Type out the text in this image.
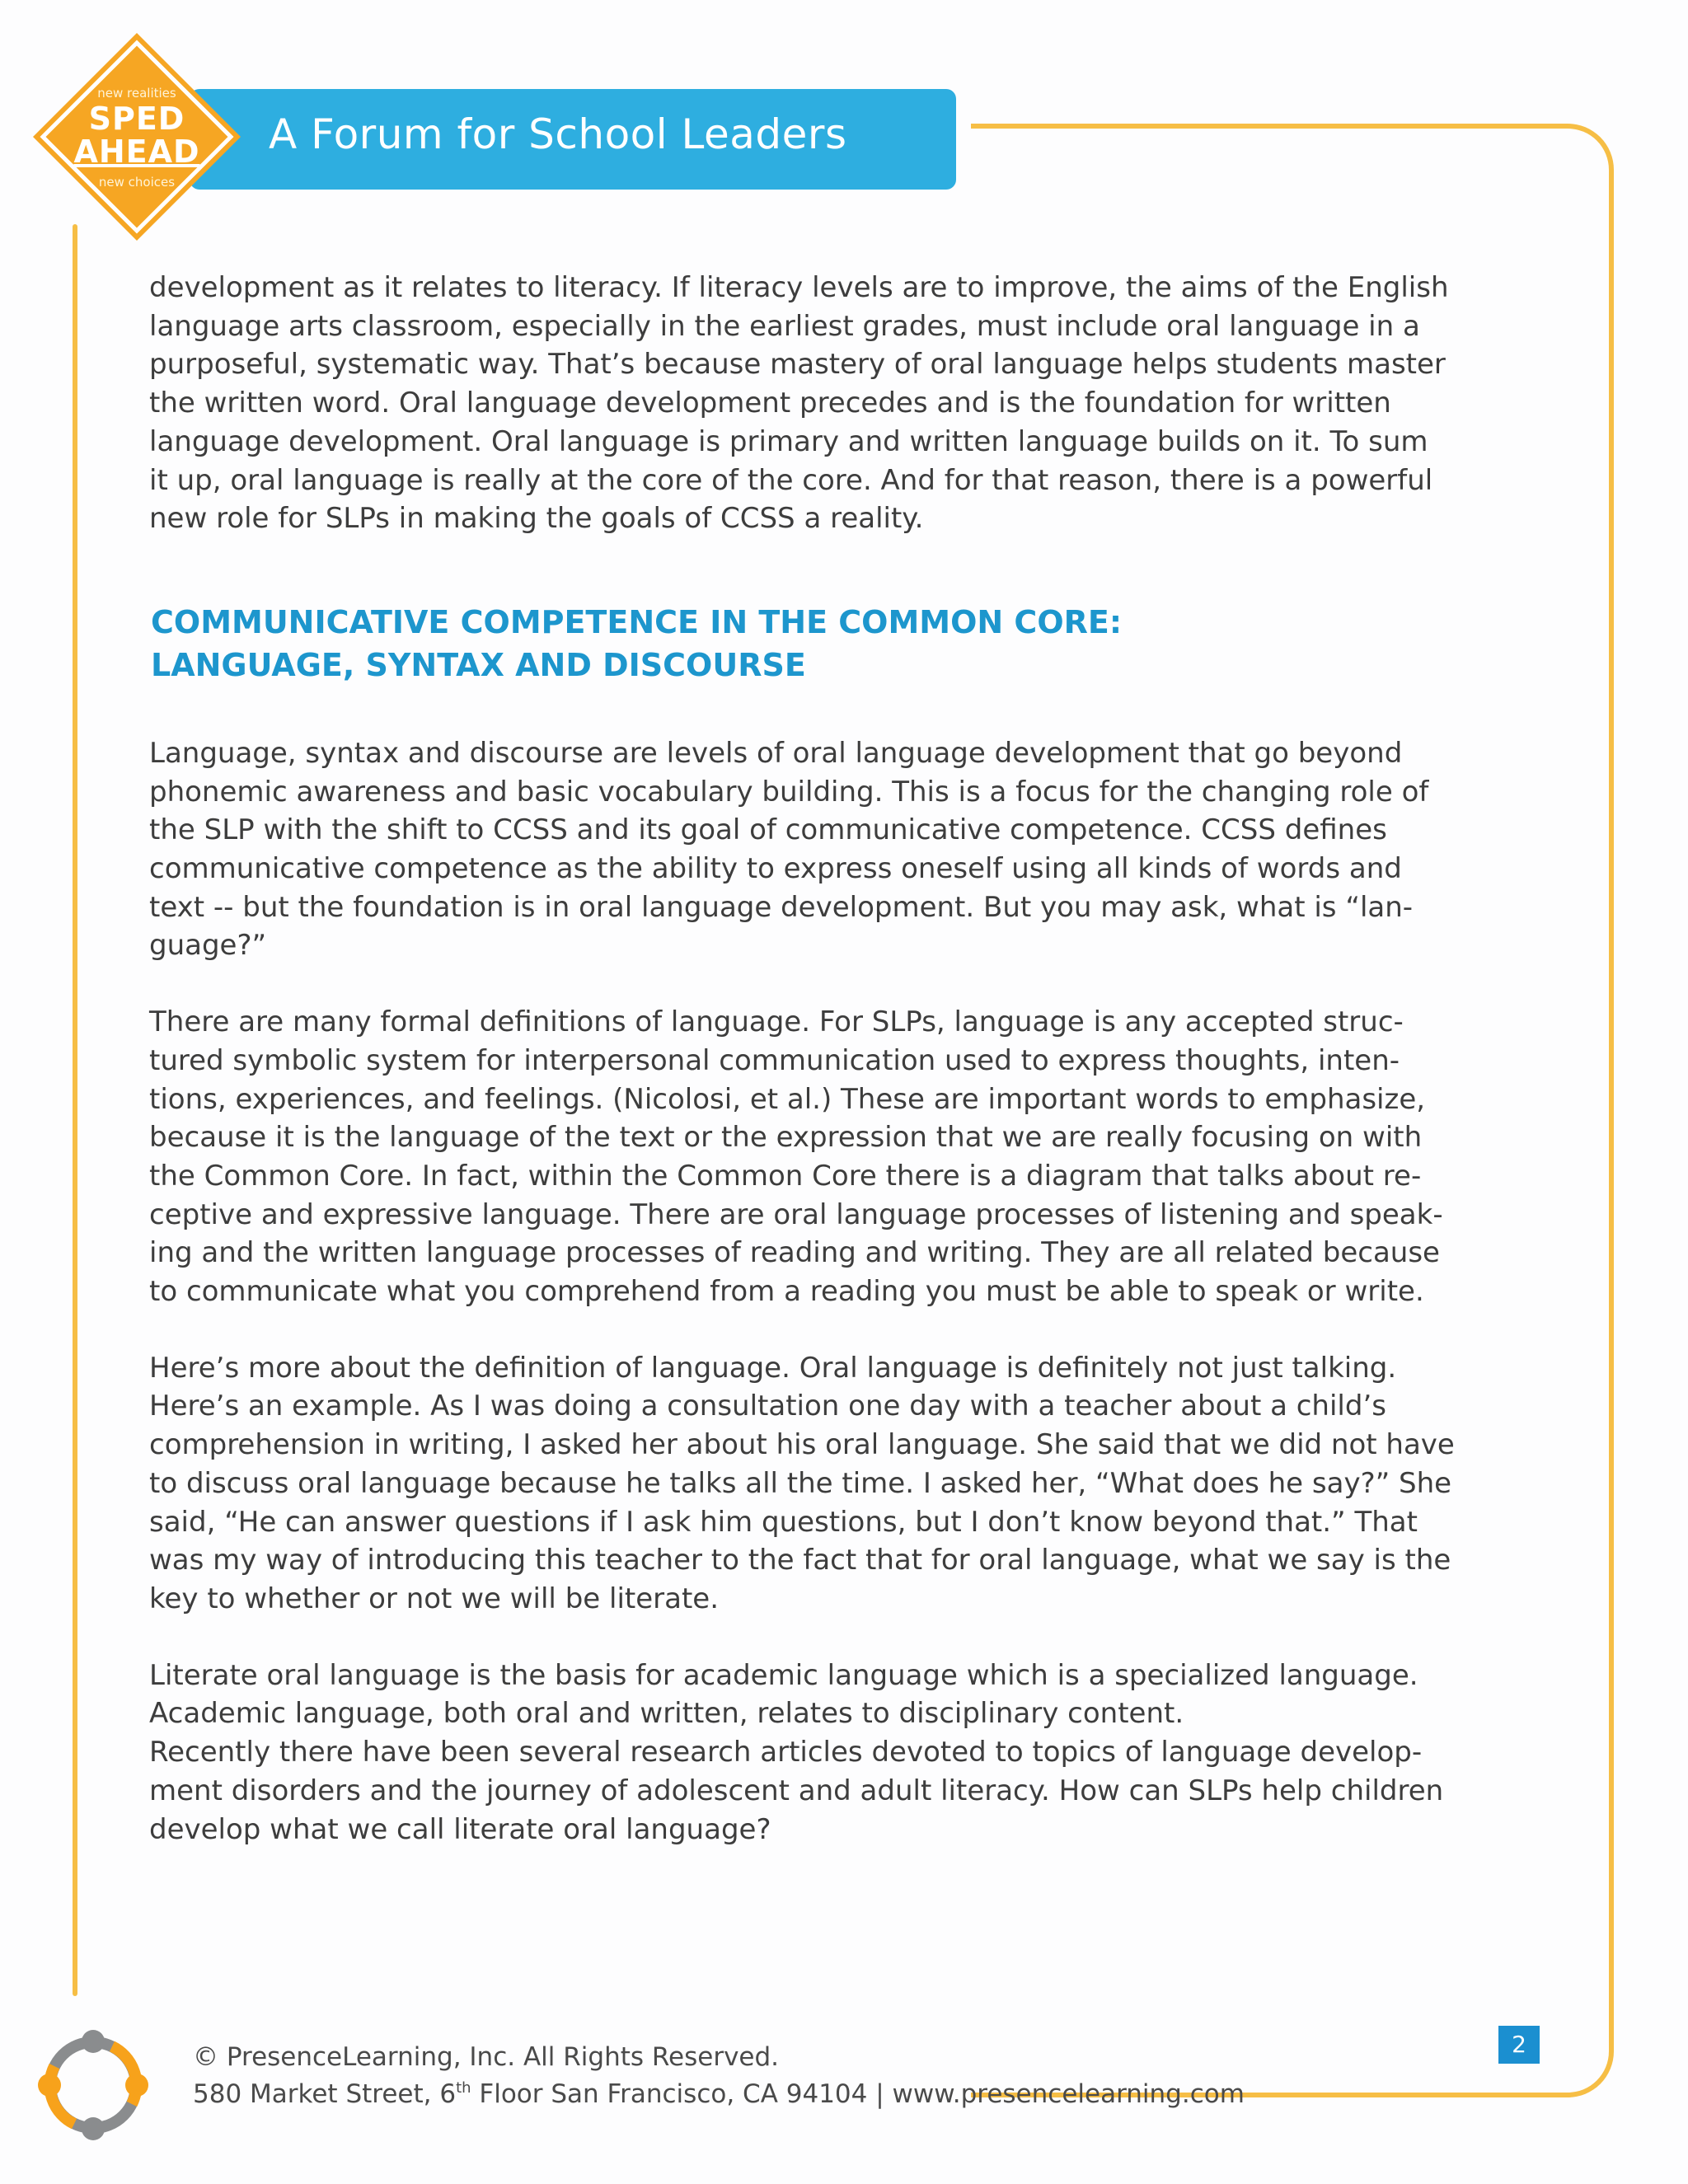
A Forum for School Leaders
new realities
SPED
AHEAD
new choices

development as it relates to literacy. If literacy levels are to improve, the aims of the English
language arts classroom, especially in the earliest grades, must include oral language in a
purposeful, systematic way. That’s because mastery of oral language helps students master
the written word. Oral language development precedes and is the foundation for written
language development. Oral language is primary and written language builds on it. To sum
it up, oral language is really at the core of the core. And for that reason, there is a powerful
new role for SLPs in making the goals of CCSS a reality.

COMMUNICATIVE COMPETENCE IN THE COMMON CORE:
LANGUAGE, SYNTAX AND DISCOURSE

Language, syntax and discourse are levels of oral language development that go beyond
phonemic awareness and basic vocabulary building. This is a focus for the changing role of
the SLP with the shift to CCSS and its goal of communicative competence. CCSS defines
communicative competence as the ability to express oneself using all kinds of words and
text -- but the foundation is in oral language development. But you may ask, what is “lan-
guage?”

There are many formal definitions of language. For SLPs, language is any accepted struc-
tured symbolic system for interpersonal communication used to express thoughts, inten-
tions, experiences, and feelings. (Nicolosi, et al.) These are important words to emphasize,
because it is the language of the text or the expression that we are really focusing on with
the Common Core. In fact, within the Common Core there is a diagram that talks about re-
ceptive and expressive language. There are oral language processes of listening and speak-
ing and the written language processes of reading and writing. They are all related because
to communicate what you comprehend from a reading you must be able to speak or write.

Here’s more about the definition of language. Oral language is definitely not just talking.
Here’s an example. As I was doing a consultation one day with a teacher about a child’s
comprehension in writing, I asked her about his oral language. She said that we did not have
to discuss oral language because he talks all the time. I asked her, “What does he say?” She
said, “He can answer questions if I ask him questions, but I don’t know beyond that.” That
was my way of introducing this teacher to the fact that for oral language, what we say is the
key to whether or not we will be literate.

Literate oral language is the basis for academic language which is a specialized language.
Academic language, both oral and written, relates to disciplinary content.
Recently there have been several research articles devoted to topics of language develop-
ment disorders and the journey of adolescent and adult literacy. How can SLPs help children
develop what we call literate oral language?

© PresenceLearning, Inc. All Rights Reserved.
580 Market Street, 6th Floor San Francisco, CA 94104 | www.presencelearning.com
2
